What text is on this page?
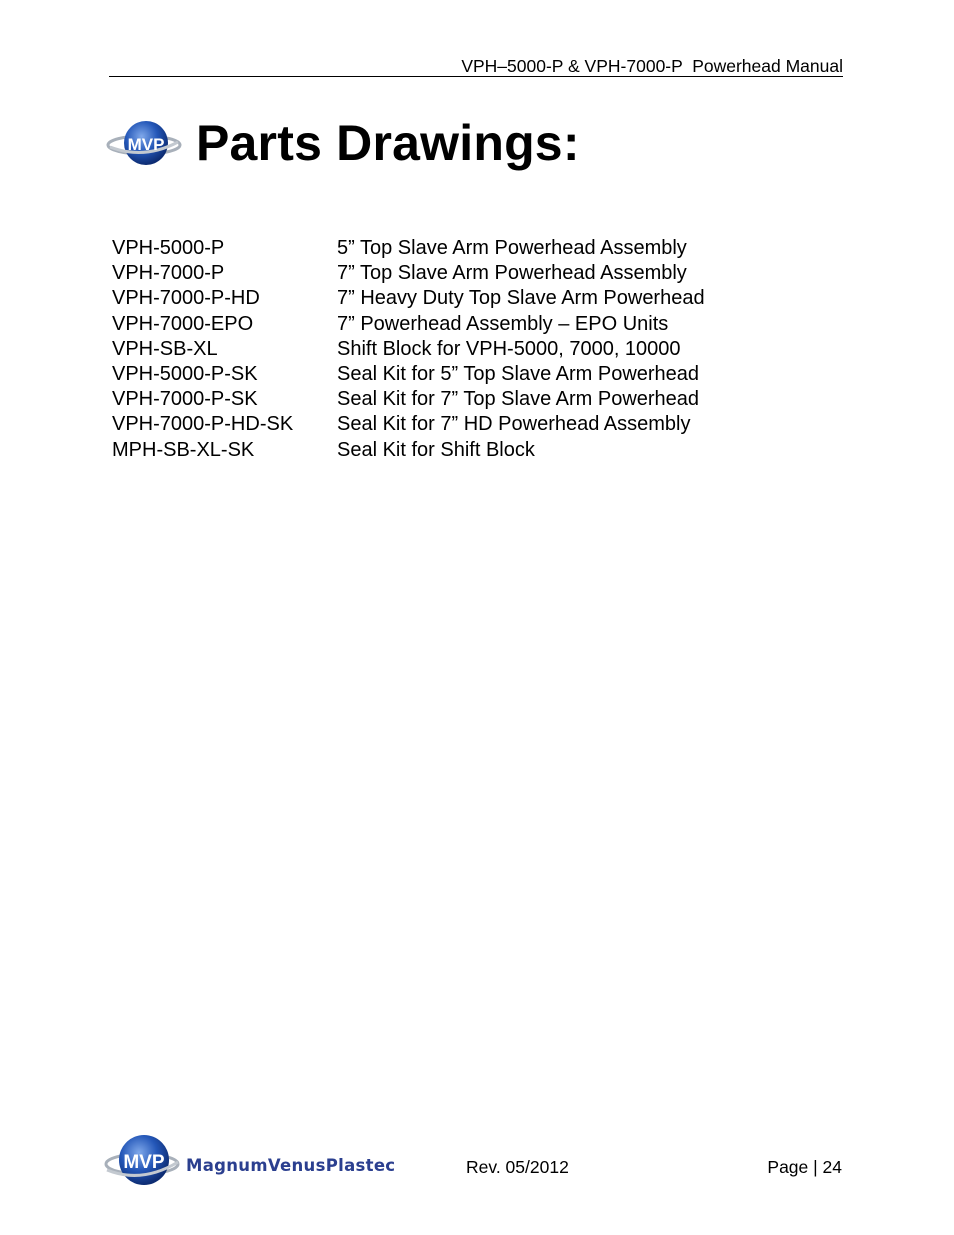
VPH–5000-P & VPH-7000-P  Powerhead Manual
MVP Parts Drawings:
VPH-5000-P	5” Top Slave Arm Powerhead Assembly
VPH-7000-P	7” Top Slave Arm Powerhead Assembly
VPH-7000-P-HD	7” Heavy Duty Top Slave Arm Powerhead
VPH-7000-EPO	7” Powerhead Assembly – EPO Units
VPH-SB-XL	Shift Block for VPH-5000, 7000, 10000
VPH-5000-P-SK	Seal Kit for 5” Top Slave Arm Powerhead
VPH-7000-P-SK	Seal Kit for 7” Top Slave Arm Powerhead
VPH-7000-P-HD-SK	Seal Kit for 7” HD Powerhead Assembly
MPH-SB-XL-SK	Seal Kit for Shift Block
MVP MagnumVenusPlastech	Rev. 05/2012	Page | 24
